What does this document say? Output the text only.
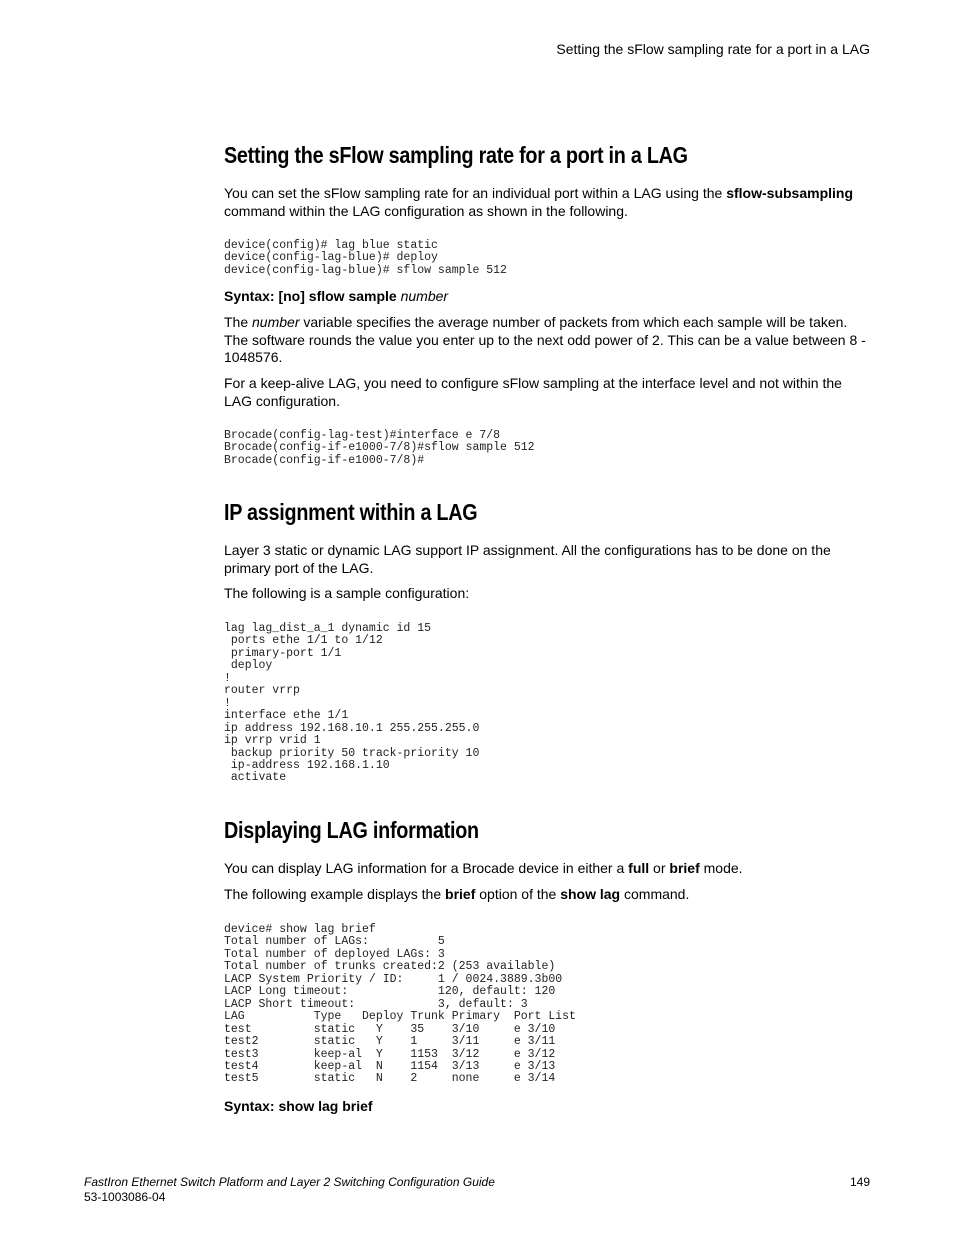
Setting the sFlow sampling rate for a port in a LAG
Setting the sFlow sampling rate for a port in a LAG

You can set the sFlow sampling rate for an individual port within a LAG using the sflow-subsampling command within the LAG configuration as shown in the following.

device(config)# lag blue static
device(config-lag-blue)# deploy
device(config-lag-blue)# sflow sample 512

Syntax: [no] sflow sample number

The number variable specifies the average number of packets from which each sample will be taken. The software rounds the value you enter up to the next odd power of 2. This can be a value between 8 - 1048576.

For a keep-alive LAG, you need to configure sFlow sampling at the interface level and not within the LAG configuration.

Brocade(config-lag-test)#interface e 7/8
Brocade(config-if-e1000-7/8)#sflow sample 512
Brocade(config-if-e1000-7/8)#
IP assignment within a LAG

Layer 3 static or dynamic LAG support IP assignment. All the configurations has to be done on the primary port of the LAG.

The following is a sample configuration:

lag lag_dist_a_1 dynamic id 15
ports ethe 1/1 to 1/12
primary-port 1/1
deploy
!
router vrrp
!
interface ethe 1/1
ip address 192.168.10.1 255.255.255.0
ip vrrp vrid 1
backup priority 50 track-priority 10
ip-address 192.168.1.10
activate
Displaying LAG information

You can display LAG information for a Brocade device in either a full or brief mode.

The following example displays the brief option of the show lag command.

device# show lag brief
Total number of LAGs:          5
Total number of deployed LAGs: 3
Total number of trunks created:2 (253 available)
LACP System Priority / ID:     1 / 0024.3889.3b00
LACP Long timeout:             120, default: 120
LACP Short timeout:            3, default: 3
LAG          Type   Deploy Trunk Primary  Port List
test         static   Y    35    3/10     e 3/10
test2        static   Y    1     3/11     e 3/11
test3        keep-al  Y    1153  3/12     e 3/12
test4        keep-al  N    1154  3/13     e 3/13
test5        static   N    2     none     e 3/14

Syntax: show lag brief

FastIron Ethernet Switch Platform and Layer 2 Switching Configuration Guide
53-1003086-04
149
